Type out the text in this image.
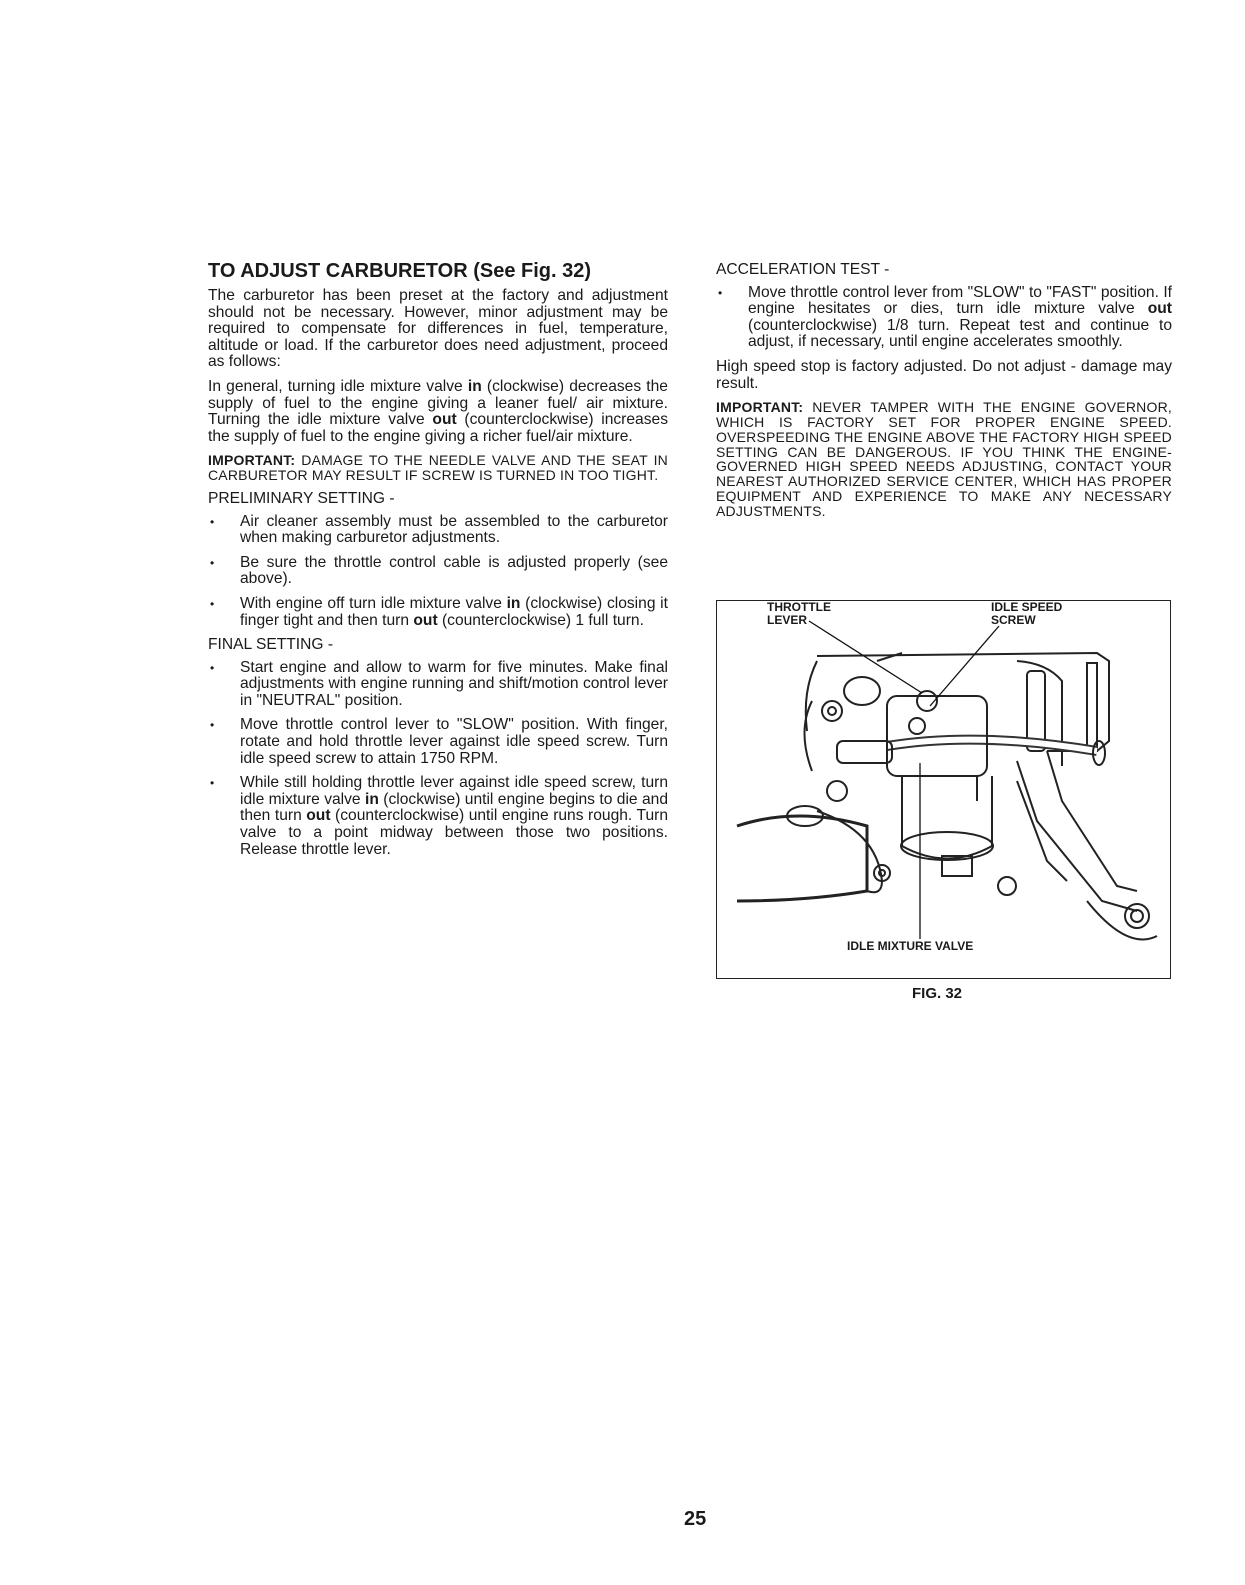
TO ADJUST CARBURETOR (See Fig. 32)

The carburetor has been preset at the factory and adjustment should not be necessary. However, minor adjustment may be required to compensate for differences in fuel, temperature, altitude or load. If the carburetor does need adjustment, proceed as follows:

In general, turning idle mixture valve in (clockwise) decreases the supply of fuel to the engine giving a leaner fuel/ air mixture. Turning the idle mixture valve out (counterclockwise) increases the supply of fuel to the engine giving a richer fuel/air mixture.

IMPORTANT: DAMAGE TO THE NEEDLE VALVE AND THE SEAT IN CARBURETOR MAY RESULT IF SCREW IS TURNED IN TOO TIGHT.

PRELIMINARY SETTING -
• Air cleaner assembly must be assembled to the carburetor when making carburetor adjustments.
• Be sure the throttle control cable is adjusted properly (see above).
• With engine off turn idle mixture valve in (clockwise) closing it finger tight and then turn out (counterclockwise) 1 full turn.
FINAL SETTING -
• Start engine and allow to warm for five minutes. Make final adjustments with engine running and shift/motion control lever in "NEUTRAL" position.
• Move throttle control lever to "SLOW" position. With finger, rotate and hold throttle lever against idle speed screw. Turn idle speed screw to attain 1750 RPM.
• While still holding throttle lever against idle speed screw, turn idle mixture valve in (clockwise) until engine begins to die and then turn out (counterclockwise) until engine runs rough. Turn valve to a point midway between those two positions. Release throttle lever.
ACCELERATION TEST -
• Move throttle control lever from "SLOW" to "FAST" position. If engine hesitates or dies, turn idle mixture valve out (counterclockwise) 1/8 turn. Repeat test and continue to adjust, if necessary, until engine accelerates smoothly.

High speed stop is factory adjusted. Do not adjust - damage may result.

IMPORTANT: NEVER TAMPER WITH THE ENGINE GOVERNOR, WHICH IS FACTORY SET FOR PROPER ENGINE SPEED. OVERSPEEDING THE ENGINE ABOVE THE FACTORY HIGH SPEED SETTING CAN BE DANGEROUS. IF YOU THINK THE ENGINE-GOVERNED HIGH SPEED NEEDS ADJUSTING, CONTACT YOUR NEAREST AUTHORIZED SERVICE CENTER, WHICH HAS PROPER EQUIPMENT AND EXPERIENCE TO MAKE ANY NECESSARY ADJUSTMENTS.

THROTTLE
LEVER
IDLE SPEED
SCREW
IDLE MIXTURE VALVE
FIG. 32
25
